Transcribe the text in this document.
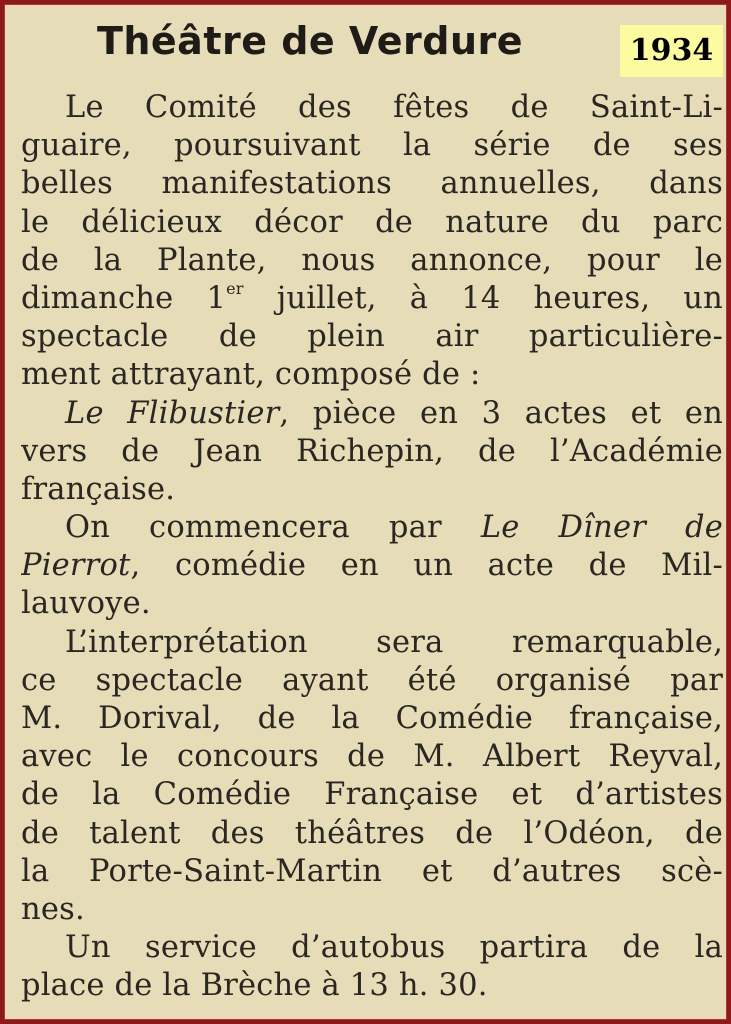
Théâtre de Verdure	1934
Le Comité des fêtes de Saint-Li-
guaire, poursuivant la série de ses
belles manifestations annuelles, dans
le délicieux décor de nature du parc
de la Plante, nous annonce, pour le
dimanche 1er juillet, à 14 heures, un
spectacle de plein air particulière-
ment attrayant, composé de :
Le Flibustier, pièce en 3 actes et en
vers de Jean Richepin, de l’Académie
française.
On commencera par Le Dîner de
Pierrot, comédie en un acte de Mil-
lauvoye.
L’interprétation sera remarquable,
ce spectacle ayant été organisé par
M. Dorival, de la Comédie française,
avec le concours de M. Albert Reyval,
de la Comédie Française et d’artistes
de talent des théâtres de l’Odéon, de
la Porte-Saint-Martin et d’autres scè-
nes.
Un service d’autobus partira de la
place de la Brèche à 13 h. 30.
